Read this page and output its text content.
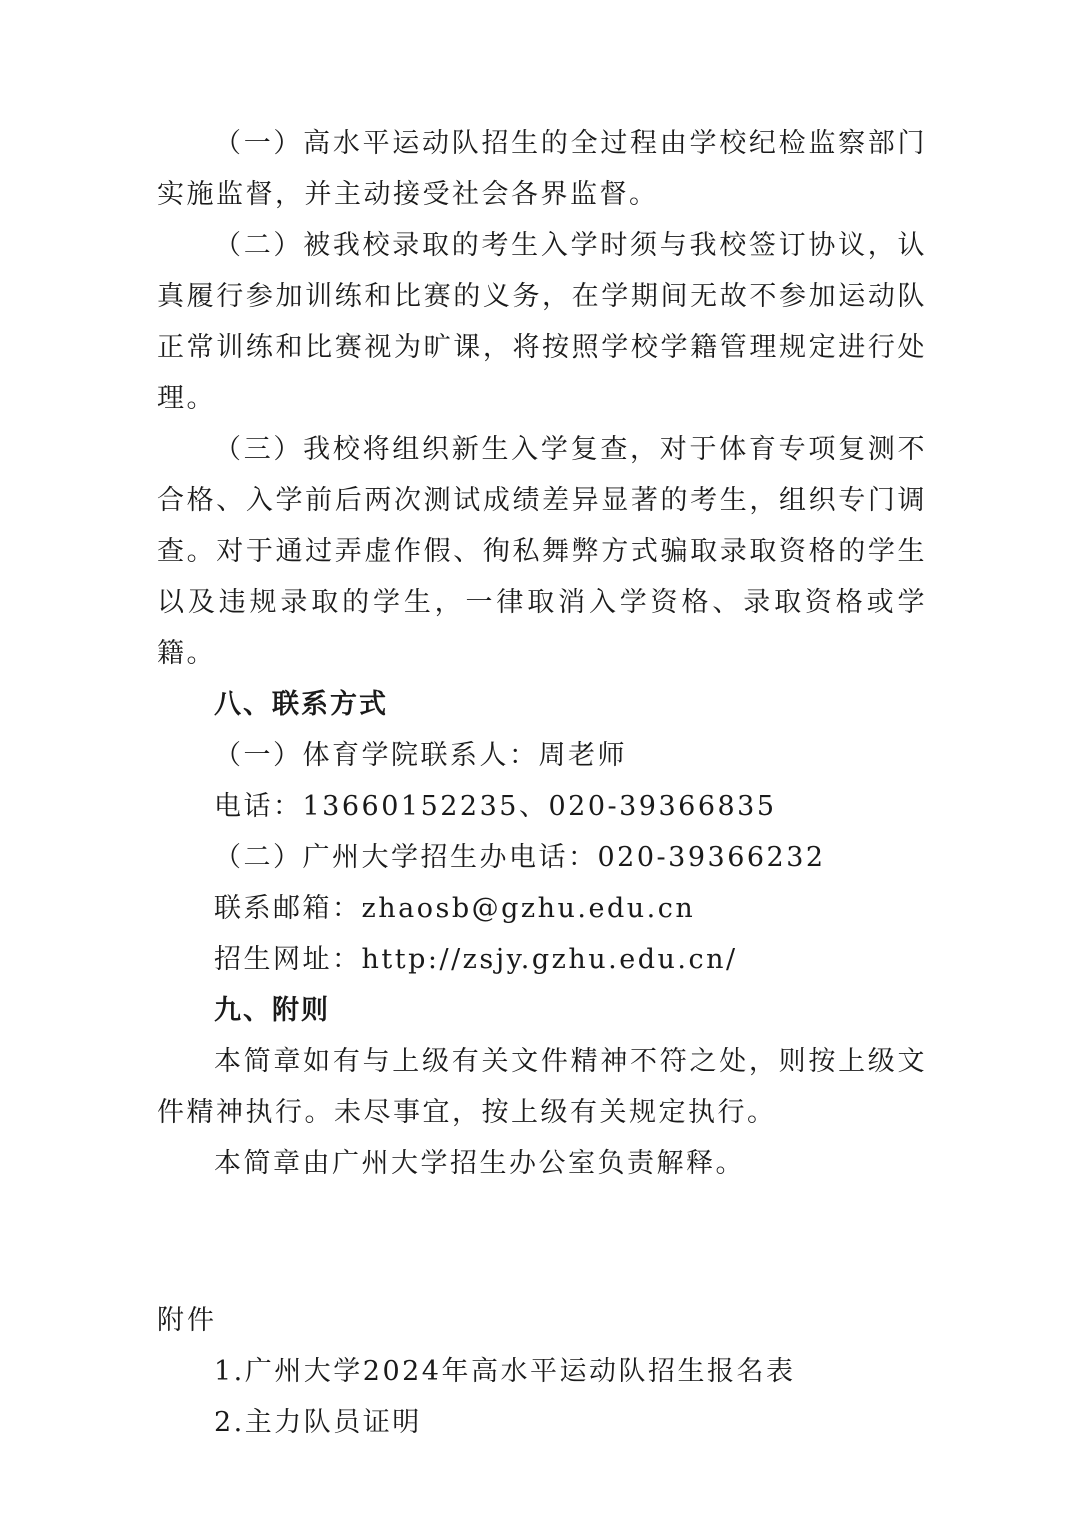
（一）高水平运动队招生的全过程由学校纪检监察部门实施监督，并主动接受社会各界监督。

（二）被我校录取的考生入学时须与我校签订协议，认真履行参加训练和比赛的义务，在学期间无故不参加运动队正常训练和比赛视为旷课，将按照学校学籍管理规定进行处理。

（三）我校将组织新生入学复查，对于体育专项复测不合格、入学前后两次测试成绩差异显著的考生，组织专门调查。对于通过弄虚作假、徇私舞弊方式骗取录取资格的学生以及违规录取的学生，一律取消入学资格、录取资格或学籍。

八、联系方式

（一）体育学院联系人：周老师

电话：13660152235、020-39366835

（二）广州大学招生办电话：020-39366232

联系邮箱：zhaosb@gzhu.edu.cn

招生网址：http://zsjy.gzhu.edu.cn/

九、附则

本简章如有与上级有关文件精神不符之处，则按上级文件精神执行。未尽事宜，按上级有关规定执行。

本简章由广州大学招生办公室负责解释。

附件

1.广州大学2024年高水平运动队招生报名表

2.主力队员证明
